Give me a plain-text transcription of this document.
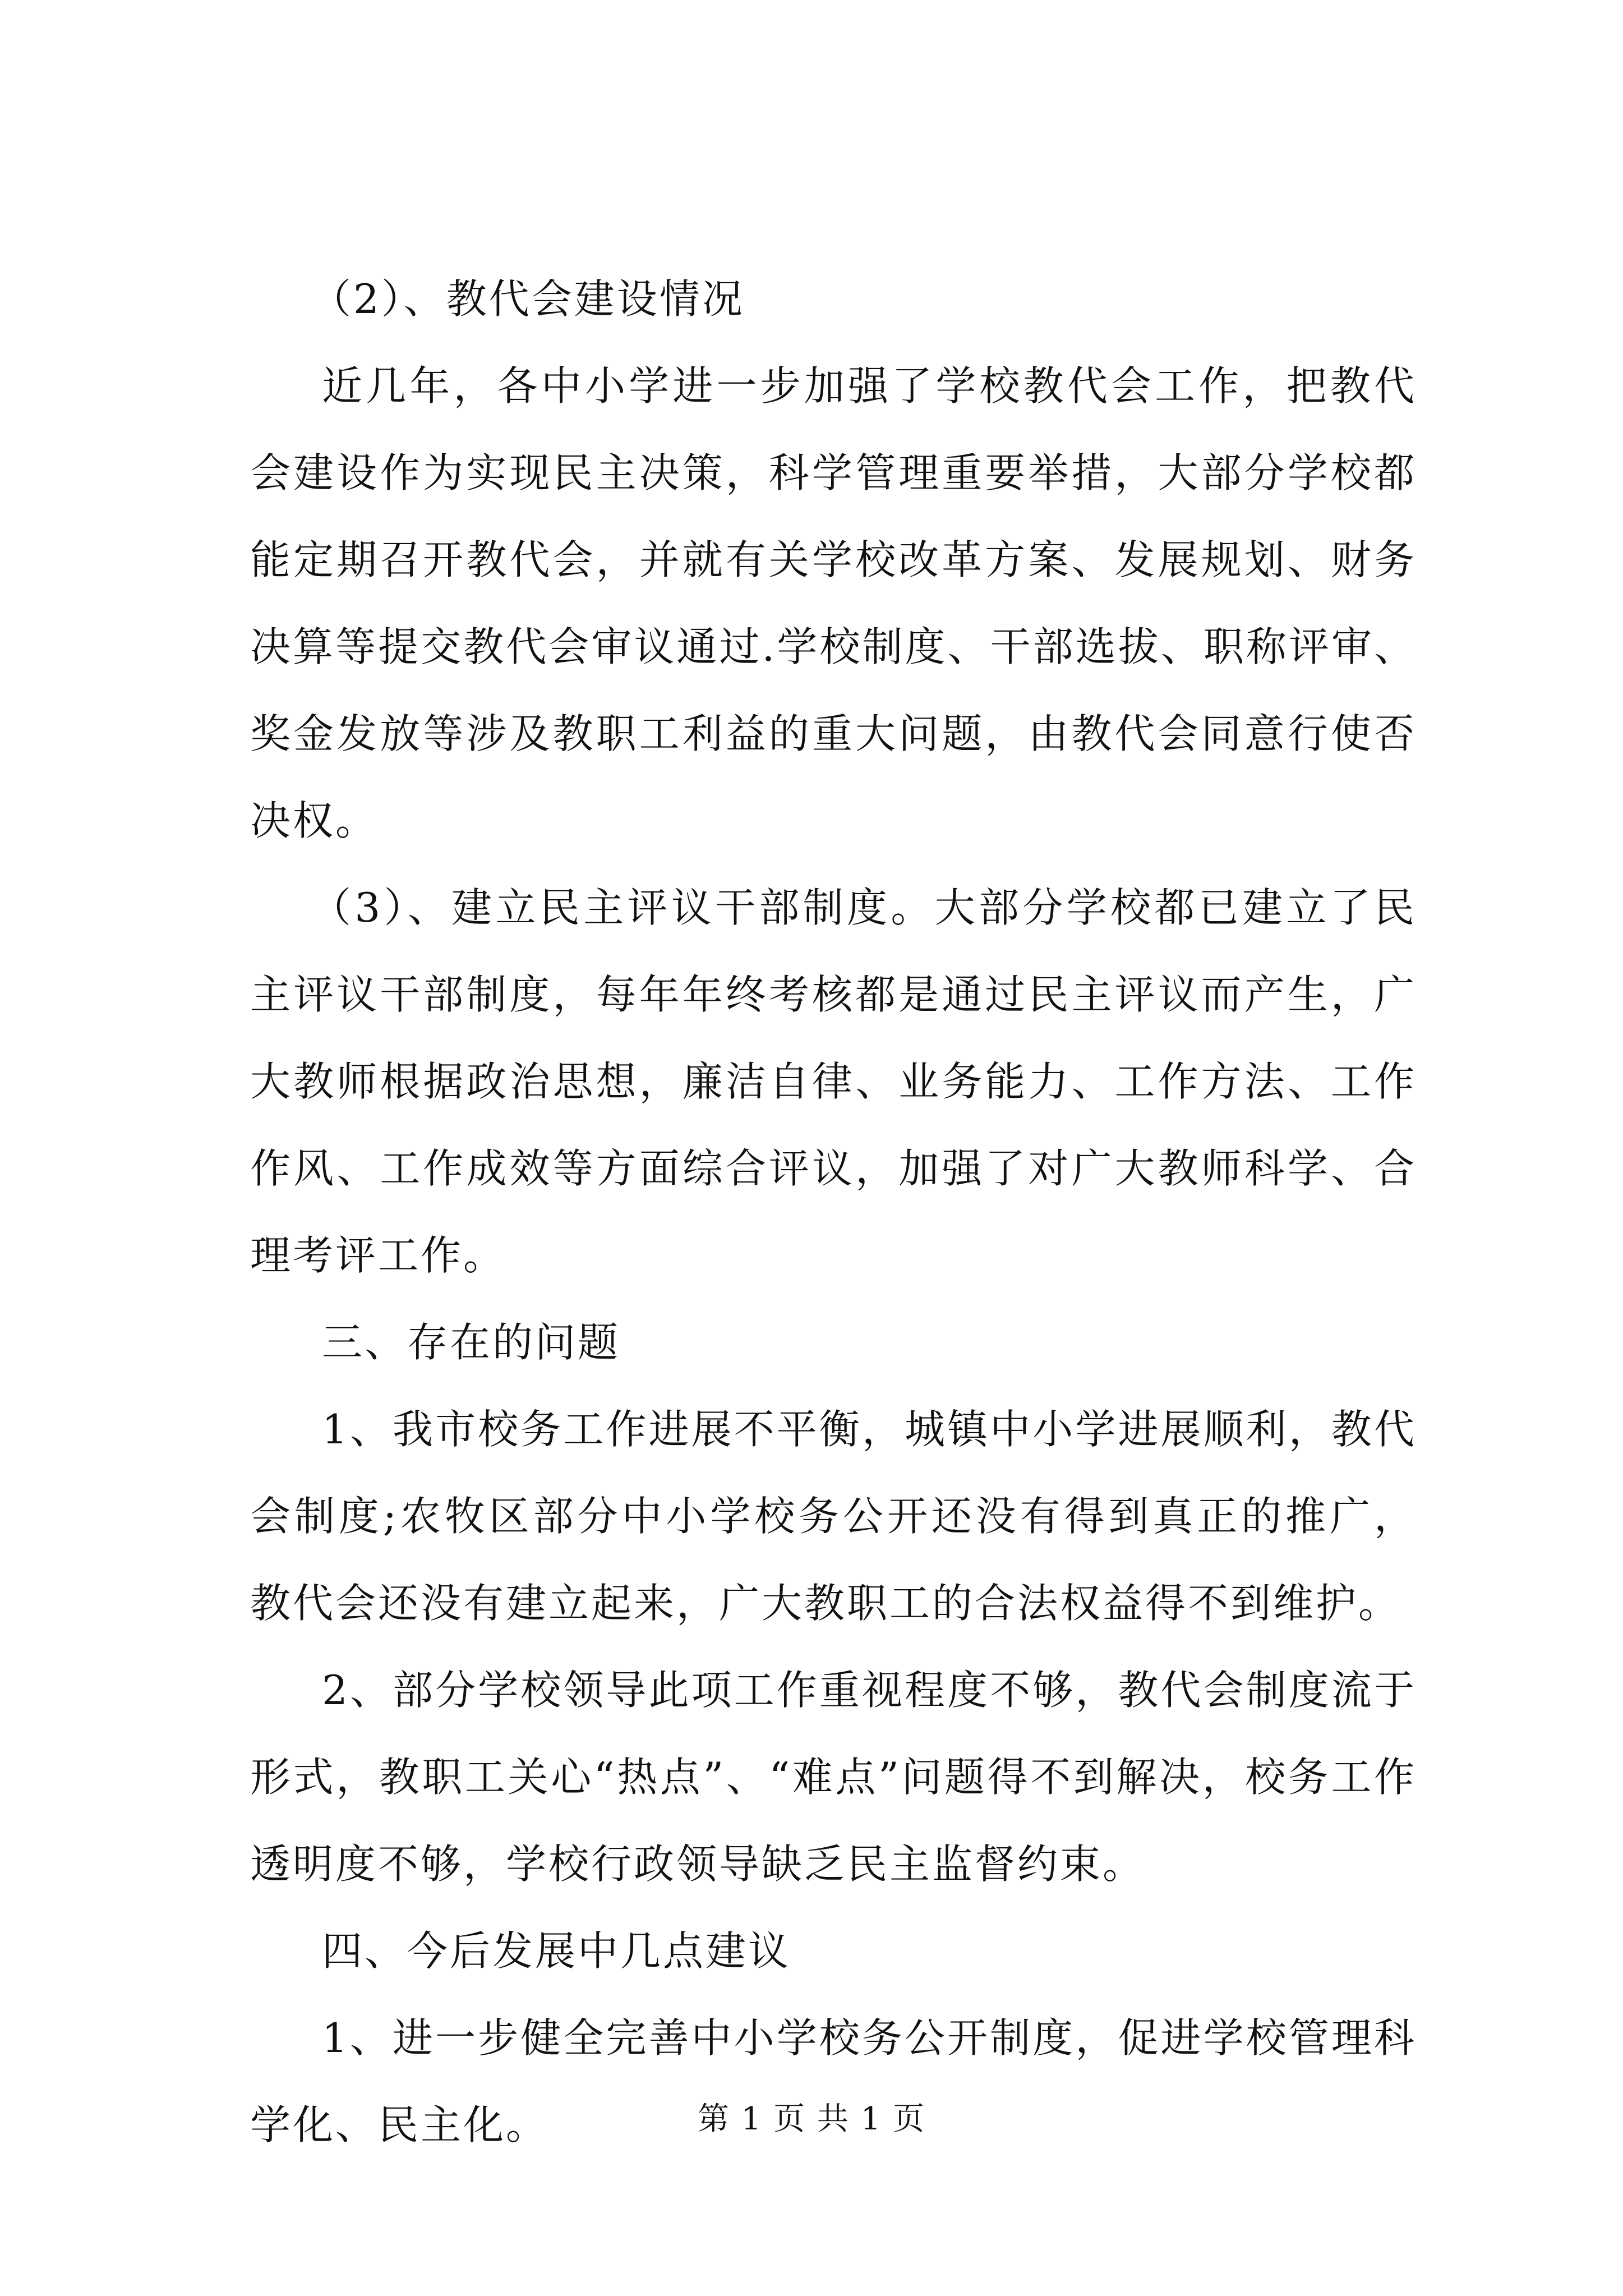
（2）、教代会建设情况

近几年，各中小学进一步加强了学校教代会工作，把教代会建设作为实现民主决策，科学管理重要举措，大部分学校都能定期召开教代会，并就有关学校改革方案、发展规划、财务决算等提交教代会审议通过.学校制度、干部选拔、职称评审、奖金发放等涉及教职工利益的重大问题，由教代会同意行使否决权。

（3）、建立民主评议干部制度。大部分学校都已建立了民主评议干部制度，每年年终考核都是通过民主评议而产生，广大教师根据政治思想，廉洁自律、业务能力、工作方法、工作作风、工作成效等方面综合评议，加强了对广大教师科学、合理考评工作。

三、存在的问题

1、我市校务工作进展不平衡，城镇中小学进展顺利，教代会制度;农牧区部分中小学校务公开还没有得到真正的推广，教代会还没有建立起来，广大教职工的合法权益得不到维护。

2、部分学校领导此项工作重视程度不够，教代会制度流于形式，教职工关心“热点”、“难点”问题得不到解决，校务工作透明度不够，学校行政领导缺乏民主监督约束。

四、今后发展中几点建议

1、进一步健全完善中小学校务公开制度，促进学校管理科学化、民主化。	第 1 页 共 1 页
